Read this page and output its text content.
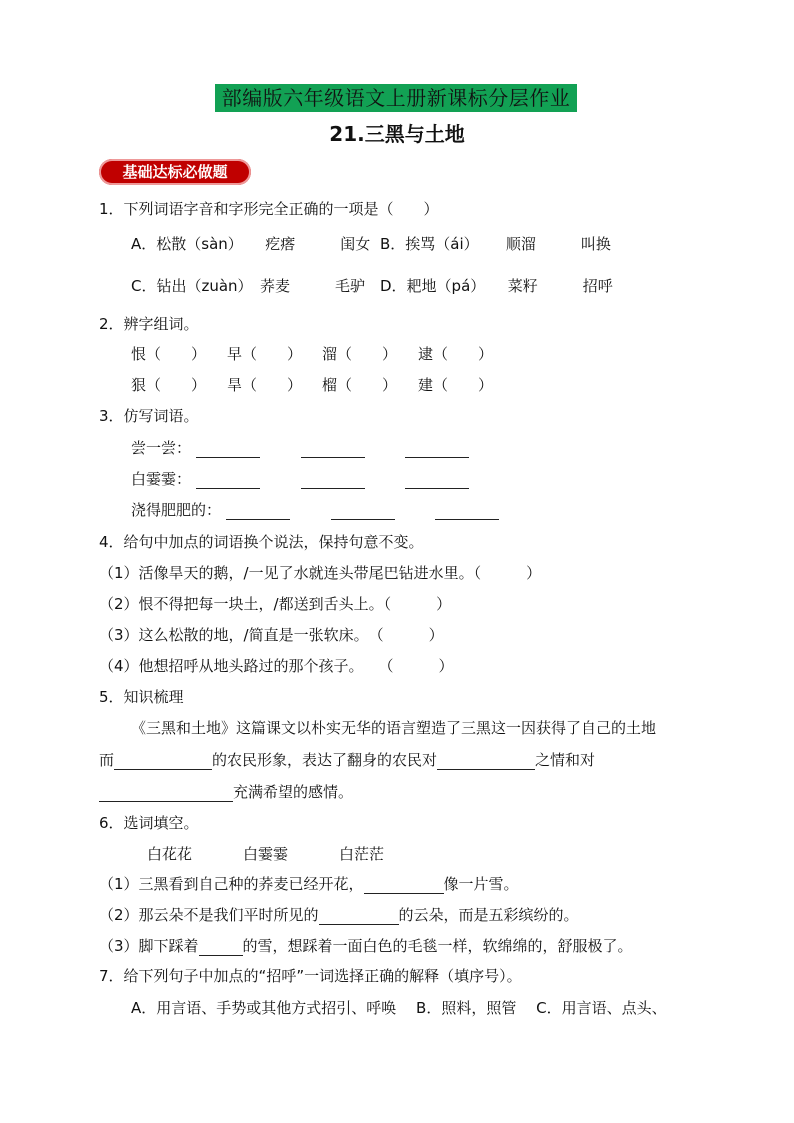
部编版六年级语文上册新课标分层作业
21.三黑与土地
基础达标必做题
1．下列词语字音和字形完全正确的一项是（　　）
A．松散（sàn）　　疙瘩　　　闺女 B．挨骂（ái）　　 顺溜　　　叫换
C．钻出（zuàn）　荞麦　　　毛驴 D．耙地（pá）　　菜籽　　　招呼
2．辨字组词。
恨（　　） 早（　　） 溜（　　） 逮（　　）
狠（　　） 旱（　　） 榴（　　） 建（　　）
3．仿写词语。
尝一尝：
白霎霎：
浇得肥肥的：
4．给句中加点的词语换个说法，保持句意不变。
（1）活像旱天的鹅，/一见了水就连头带尾巴钻进水里。（　　　）
（2）恨不得把每一块土，/都送到舌头上。（　　　）
（3）这么松散的地，/简直是一张软床。　（　　　）
（4）他想招呼从地头路过的那个孩子。　　（　　　）
5．知识梳理
《三黑和土地》这篇课文以朴实无华的语言塑造了三黑这一因获得了自己的土地
而	的农民形象，表达了翻身的农民对	之情和对
充满希望的感情。
6．选词填空。
白花花	白霎霎	白茫茫
（1）三黑看到自己种的荞麦已经开花，	像一片雪。
（2）那云朵不是我们平时所见的	的云朵，而是五彩缤纷的。
（3）脚下踩着	的雪，想踩着一面白色的毛毯一样，软绵绵的，舒服极了。
7．给下列句子中加点的“招呼”一词选择正确的解释（填序号）。
A．用言语、手势或其他方式招引、呼唤　 B．照料，照管　 C．用言语、点头、
